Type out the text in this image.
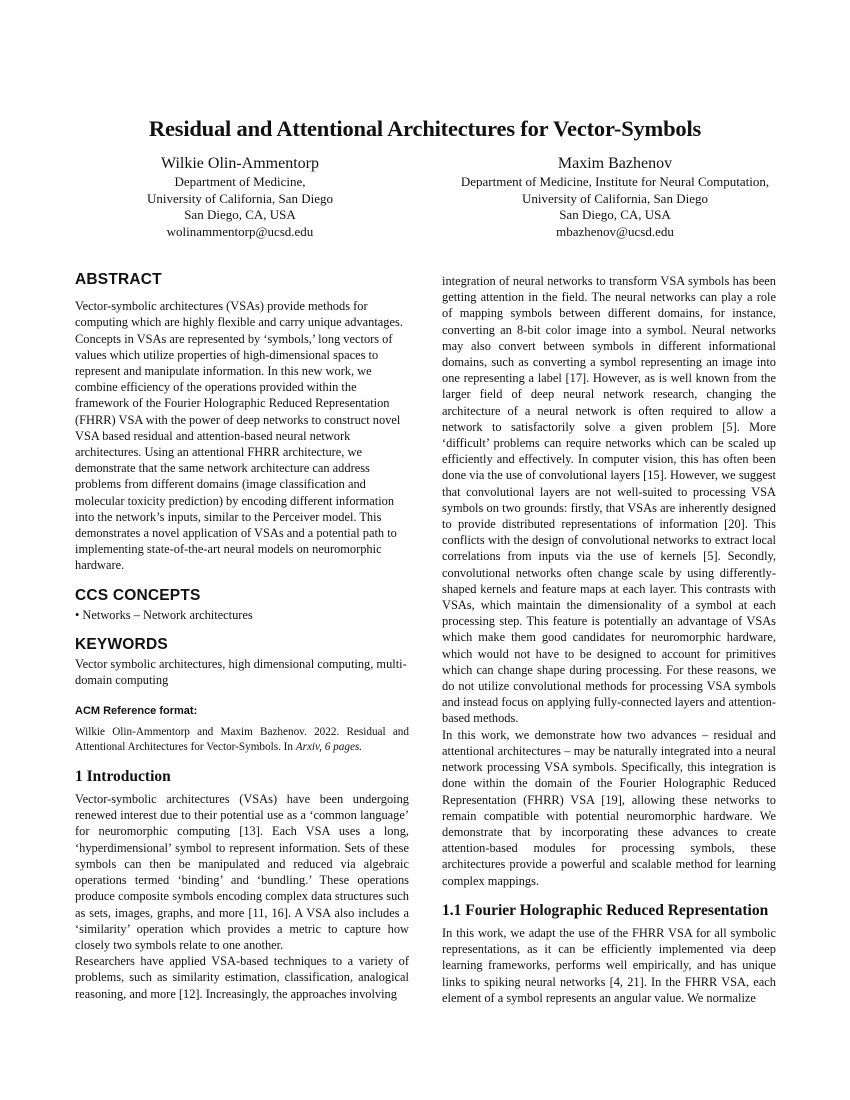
Residual and Attentional Architectures for Vector-Symbols
Wilkie Olin-Ammentorp
Department of Medicine,
University of California, San Diego
San Diego, CA, USA
wolinammentorp@ucsd.edu
Maxim Bazhenov
Department of Medicine, Institute for Neural Computation,
University of California, San Diego
San Diego, CA, USA
mbazhenov@ucsd.edu
ABSTRACT

Vector-symbolic architectures (VSAs) provide methods for computing which are highly flexible and carry unique advantages. Concepts in VSAs are represented by ‘symbols,’ long vectors of values which utilize properties of high-dimensional spaces to represent and manipulate information. In this new work, we combine efficiency of the operations provided within the framework of the Fourier Holographic Reduced Representation (FHRR) VSA with the power of deep networks to construct novel VSA based residual and attention-based neural network architectures. Using an attentional FHRR architecture, we demonstrate that the same network architecture can address problems from different domains (image classification and molecular toxicity prediction) by encoding different information into the network’s inputs, similar to the Perceiver model. This demonstrates a novel application of VSAs and a potential path to implementing state-of-the-art neural models on neuromorphic hardware.

CCS CONCEPTS

• Networks – Network architectures

KEYWORDS

Vector symbolic architectures, high dimensional computing, multi-domain computing

ACM Reference format:

Wilkie Olin-Ammentorp and Maxim Bazhenov. 2022. Residual and Attentional Architectures for Vector-Symbols. In Arxiv, 6 pages.

1 Introduction

Vector-symbolic architectures (VSAs) have been undergoing renewed interest due to their potential use as a ‘common language’ for neuromorphic computing [13]. Each VSA uses a long, ‘hyperdimensional’ symbol to represent information. Sets of these symbols can then be manipulated and reduced via algebraic operations termed ‘binding’ and ‘bundling.’ These operations produce composite symbols encoding complex data structures such as sets, images, graphs, and more [11, 16]. A VSA also includes a ‘similarity’ operation which provides a metric to capture how closely two symbols relate to one another.

Researchers have applied VSA-based techniques to a variety of problems, such as similarity estimation, classification, analogical reasoning, and more [12]. Increasingly, the approaches involving

integration of neural networks to transform VSA symbols has been getting attention in the field. The neural networks can play a role of mapping symbols between different domains, for instance, converting an 8-bit color image into a symbol. Neural networks may also convert between symbols in different informational domains, such as converting a symbol representing an image into one representing a label [17]. However, as is well known from the larger field of deep neural network research, changing the architecture of a neural network is often required to allow a network to satisfactorily solve a given problem [5]. More ‘difficult’ problems can require networks which can be scaled up efficiently and effectively. In computer vision, this has often been done via the use of convolutional layers [15]. However, we suggest that convolutional layers are not well-suited to processing VSA symbols on two grounds: firstly, that VSAs are inherently designed to provide distributed representations of information [20]. This conflicts with the design of convolutional networks to extract local correlations from inputs via the use of kernels [5]. Secondly, convolutional networks often change scale by using differently-shaped kernels and feature maps at each layer. This contrasts with VSAs, which maintain the dimensionality of a symbol at each processing step. This feature is potentially an advantage of VSAs which make them good candidates for neuromorphic hardware, which would not have to be designed to account for primitives which can change shape during processing. For these reasons, we do not utilize convolutional methods for processing VSA symbols and instead focus on applying fully-connected layers and attention-based methods.

In this work, we demonstrate how two advances – residual and attentional architectures – may be naturally integrated into a neural network processing VSA symbols. Specifically, this integration is done within the domain of the Fourier Holographic Reduced Representation (FHRR) VSA [19], allowing these networks to remain compatible with potential neuromorphic hardware. We demonstrate that by incorporating these advances to create attention-based modules for processing symbols, these architectures provide a powerful and scalable method for learning complex mappings.

1.1 Fourier Holographic Reduced Representation

In this work, we adapt the use of the FHRR VSA for all symbolic representations, as it can be efficiently implemented via deep learning frameworks, performs well empirically, and has unique links to spiking neural networks [4, 21]. In the FHRR VSA, each element of a symbol represents an angular value. We normalize
